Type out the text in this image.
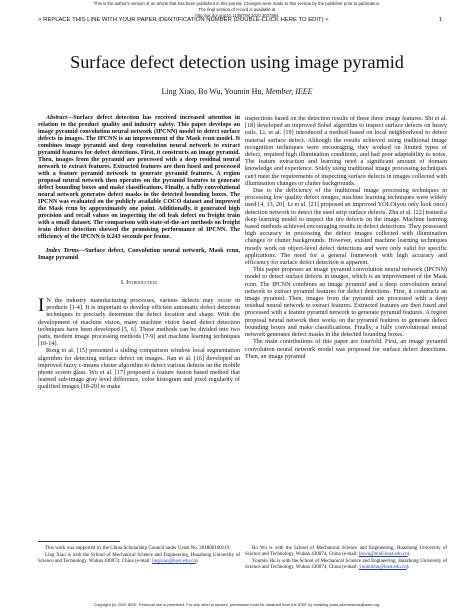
This is the author's version of an article that has been published in this journal. Changes were made to this version by the publisher prior to publication.
The final version of record is available at
http://dx.doi.org/10.1109/TIM.2020.3037894
> REPLACE THIS LINE WITH YOUR PAPER IDENTIFICATION NUMBER (DOUBLE-CLICK HERE TO EDIT) <	1
Surface defect detection using image pyramid
Ling Xiao, Bo Wu, Youmin Hu, Member, IEEE

Abstract—Surface defect detection has received increased attention in relation to the product quality and industry safety. This paper develops an image pyramid convolution neural network (IPCNN) model to detect surface defects in images. The IPCNN is an improvement of the Mask rcnn model. It combines image pyramid and deep convolution neural network to extract pyramid features for defect detections. First, it constructs an image pyramid. Then, images from the pyramid are processed with a deep residual neural network to extract features. Extracted features are then fused and processed with a feature pyramid network to generate pyramid features. A region proposal neural network then operates on the pyramid features to generate defect bounding boxes and make classifications. Finally, a fully convolutional neural network generates defect masks in the detected bounding boxes. The IPCNN was evaluated on the publicly available COCO dataset and improved the Mask rcnn by approximately one point. Additionally, it generated high precision and recall values on inspecting the oil leak defect on freight train with a small dataset. The comparison with state-of-the-art methods on freight train defect detection showed the promising performance of IPCNN. The efficiency of the IPCNN is 0.243 seconds per frame.

Index Terms—Surface defect, Convolution neural network, Mask rcnn, Image pyramid

I. Introduction

I N the industry manufacturing processes, various defects may occur in products [1-4]. It is important to develop efficient automatic defect detection techniques to precisely determine the defect location and shape. With the development of machine vision, many machine vision based defect detection techniques have been developed [5, 6]. These methods can be divided into two parts, modern image processing methods [7-9] and machine learning techniques [10-14].

Rong et al. [15] presented a sliding comparison window local segmentation algorithm for detecting surface defect on images. Jian et al. [16] developed an improved fuzzy c-means cluster algorithm to detect various defects on the mobile phone screen glass. Wu et al. [17] proposed a feature fusion based method that learned sub-image gray level difference, color histogram and pixel regularity of qualified images [18-20] to make

inspections based on the detection results of these three image features. Shi et al. [18] developed an improved Sobel algorithm to inspect surface defects on heavy rails. Li. et al. [19] introduced a method based on local neighborhood to detect material surface defect. Although the results achieved using traditional image recognition techniques were encouraging, they worked on limited types of defect, required high illumination conditions, and had poor adaptability to noise. The feature extraction and learning need a significant amount of domain knowledge and experience. Solely using traditional image processing techniques can't meet the requirements of inspecting surface defects in images collected with illumination changes or clutter backgrounds.

Due to the deficiency of the traditional image processing techniques in processing low quality defect images, machine learning techniques were widely used [4, 13, 20]. Li et al. [21] proposed an improved YOLO(you only look once) detection network to detect the steel strip surface defects. Zhu et al. [22] trained a deep learning model to inspect the tire defects on the image. Machine learning based methods achieved encouraging results in defect detections. They possessed high accuracy in processing the defect images collected with illumination changes or clutter backgrounds. However, existed machine learning techniques mostly work on object-level defect detections and were only valid for specific applications. The need for a general framework with high accuracy and efficiency for surface defect detection is apparent.

This paper proposes an image pyramid convolution neural network (IPCNN) model to detect surface defects in images, which is an improvement of the Mask rcnn. The IPCNN combines an image pyramid and a deep convolution neural network to extract pyramid features for defect detections. First, it constructs an image pyramid. Then, images from the pyramid are processed with a deep residual neural network to extract features. Extracted features are then fused and processed with a feature pyramid network to generate pyramid features. A region proposal neural network then works on the pyramid features to generate defect bounding boxes and make classifications. Finally, a fully convolutional neural network generates defect masks in the detected bounding boxes.

The main contributions of this paper are fourfold. First, an image pyramid convolution neural network model was proposed for surface defect detections. Then, an image pyramid

This work was supported by the China Scholarship Council under Grant No. 201806160119.

Ling Xiao is with the School of Mechanical Science and Engineering, Huazhong University of Science and Technology, Wuhan 430074, China (e-mail: lingxiao@hust.edu.cn).

Bo Wu is with the School of Mechanical Science and Engineering, Huazhong University of Science and Technology, Wuhan 430074, China (e-mail: bowu@mail.hust.edu.cn).

Youmin Hu is with the School of Mechanical Science and Engineering, Huazhong University of Science and Technology, Wuhan 430074, China (e-mail: youminhu@hust.edu.cn).

Copyright (c) 2020 IEEE. Personal use is permitted. For any other purposes, permission must be obtained from the IEEE by emailing pubs-permissions@ieee.org.
